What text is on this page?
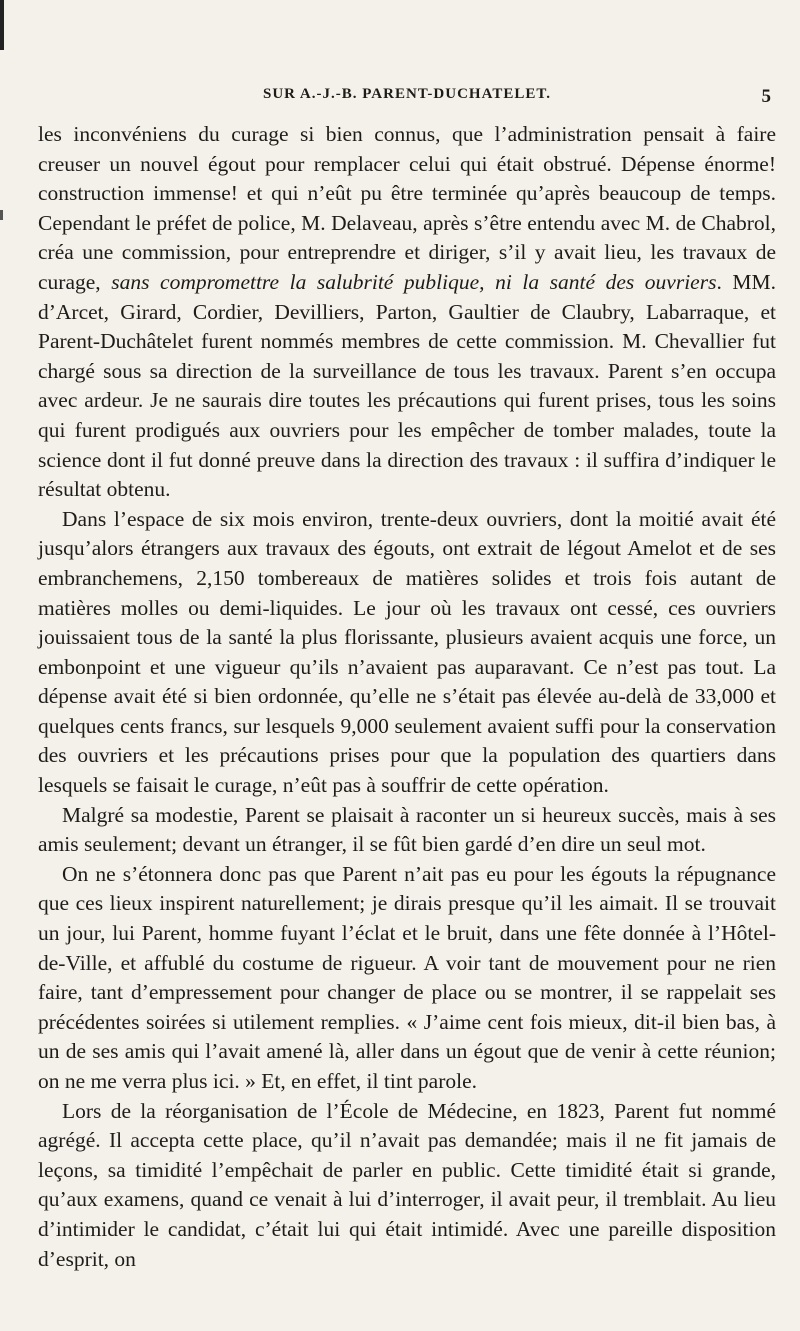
SUR A.-J.-B. PARENT-DUCHATELET.	5

les inconvéniens du curage si bien connus, que l’administration pensait à faire creuser un nouvel égout pour remplacer celui qui était obstrué. Dépense énorme! construction immense! et qui n’eût pu être terminée qu’après beaucoup de temps. Cependant le préfet de police, M. Delaveau, après s’être entendu avec M. de Chabrol, créa une commission, pour entreprendre et diriger, s’il y avait lieu, les travaux de curage, sans compromettre la salubrité publique, ni la santé des ouvriers. MM. d’Arcet, Girard, Cordier, Devilliers, Parton, Gaultier de Claubry, Labarraque, et Parent-Duchâtelet furent nommés membres de cette commission. M. Chevallier fut chargé sous sa direction de la surveillance de tous les travaux. Parent s’en occupa avec ardeur. Je ne saurais dire toutes les précautions qui furent prises, tous les soins qui furent prodigués aux ouvriers pour les empêcher de tomber malades, toute la science dont il fut donné preuve dans la direction des travaux : il suffira d’indiquer le résultat obtenu.

Dans l’espace de six mois environ, trente-deux ouvriers, dont la moitié avait été jusqu’alors étrangers aux travaux des égouts, ont extrait de légout Amelot et de ses embranchemens, 2,150 tombereaux de matières solides et trois fois autant de matières molles ou demi-liquides. Le jour où les travaux ont cessé, ces ouvriers jouissaient tous de la santé la plus florissante, plusieurs avaient acquis une force, un embonpoint et une vigueur qu’ils n’avaient pas auparavant. Ce n’est pas tout. La dépense avait été si bien ordonnée, qu’elle ne s’était pas élevée au-delà de 33,000 et quelques cents francs, sur lesquels 9,000 seulement avaient suffi pour la conservation des ouvriers et les précautions prises pour que la population des quartiers dans lesquels se faisait le curage, n’eût pas à souffrir de cette opération.

Malgré sa modestie, Parent se plaisait à raconter un si heureux succès, mais à ses amis seulement; devant un étranger, il se fût bien gardé d’en dire un seul mot.

On ne s’étonnera donc pas que Parent n’ait pas eu pour les égouts la répugnance que ces lieux inspirent naturellement; je dirais presque qu’il les aimait. Il se trouvait un jour, lui Parent, homme fuyant l’éclat et le bruit, dans une fête donnée à l’Hôtel-de-Ville, et affublé du costume de rigueur. A voir tant de mouvement pour ne rien faire, tant d’empressement pour changer de place ou se montrer, il se rappelait ses précédentes soirées si utilement remplies. « J’aime cent fois mieux, dit-il bien bas, à un de ses amis qui l’avait amené là, aller dans un égout que de venir à cette réunion; on ne me verra plus ici. » Et, en effet, il tint parole.

Lors de la réorganisation de l’École de Médecine, en 1823, Parent fut nommé agrégé. Il accepta cette place, qu’il n’avait pas demandée; mais il ne fit jamais de leçons, sa timidité l’empêchait de parler en public. Cette timidité était si grande, qu’aux examens, quand ce venait à lui d’interroger, il avait peur, il tremblait. Au lieu d’intimider le candidat, c’était lui qui était intimidé. Avec une pareille disposition d’esprit, on
